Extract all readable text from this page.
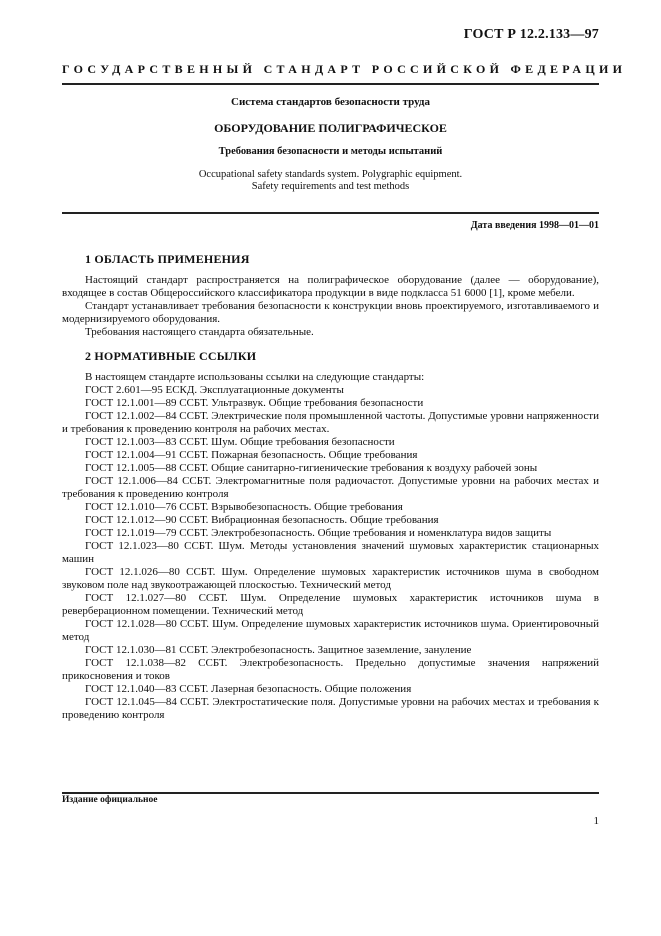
ГОСТ Р 12.2.133—97
ГОСУДАРСТВЕННЫЙ СТАНДАРТ РОССИЙСКОЙ ФЕДЕРАЦИИ
Система стандартов безопасности труда
ОБОРУДОВАНИЕ ПОЛИГРАФИЧЕСКОЕ
Требования безопасности и методы испытаний
Occupational safety standards system. Polygraphic equipment.
Safety requirements and test methods
Дата введения 1998—01—01
1 ОБЛАСТЬ ПРИМЕНЕНИЯ

Настоящий стандарт распространяется на полиграфическое оборудование (далее — оборудование), входящее в состав Общероссийского классификатора продукции в виде подкласса 51 6000 [1], кроме мебели.

Стандарт устанавливает требования безопасности к конструкции вновь проектируемого, изготавливаемого и модернизируемого оборудования.

Требования настоящего стандарта обязательные.

2 НОРМАТИВНЫЕ ССЫЛКИ

В настоящем стандарте использованы ссылки на следующие стандарты:

ГОСТ 2.601—95 ЕСКД. Эксплуатационные документы

ГОСТ 12.1.001—89 ССБТ. Ультразвук. Общие требования безопасности

ГОСТ 12.1.002—84 ССБТ. Электрические поля промышленной частоты. Допустимые уровни напряженности и требования к проведению контроля на рабочих местах.

ГОСТ 12.1.003—83 ССБТ. Шум. Общие требования безопасности

ГОСТ 12.1.004—91 ССБТ. Пожарная безопасность. Общие требования

ГОСТ 12.1.005—88 ССБТ. Общие санитарно-гигиенические требования к воздуху рабочей зоны

ГОСТ 12.1.006—84 ССБТ. Электромагнитные поля радиочастот. Допустимые уровни на рабочих местах и требования к проведению контроля

ГОСТ 12.1.010—76 ССБТ. Взрывобезопасность. Общие требования

ГОСТ 12.1.012—90 ССБТ. Вибрационная безопасность. Общие требования

ГОСТ 12.1.019—79 ССБТ. Электробезопасность. Общие требования и номенклатура видов защиты

ГОСТ 12.1.023—80 ССБТ. Шум. Методы установления значений шумовых характеристик стационарных машин

ГОСТ 12.1.026—80 ССБТ. Шум. Определение шумовых характеристик источников шума в свободном звуковом поле над звукоотражающей плоскостью. Технический метод

ГОСТ 12.1.027—80 ССБТ. Шум. Определение шумовых характеристик источников шума в реверберационном помещении. Технический метод

ГОСТ 12.1.028—80 ССБТ. Шум. Определение шумовых характеристик источников шума. Ориентировочный метод

ГОСТ 12.1.030—81 ССБТ. Электробезопасность. Защитное заземление, зануление

ГОСТ 12.1.038—82 ССБТ. Электробезопасность. Предельно допустимые значения напряжений прикосновения и токов

ГОСТ 12.1.040—83 ССБТ. Лазерная безопасность. Общие положения

ГОСТ 12.1.045—84 ССБТ. Электростатические поля. Допустимые уровни на рабочих местах и требования к проведению контроля

Издание официальное
1
